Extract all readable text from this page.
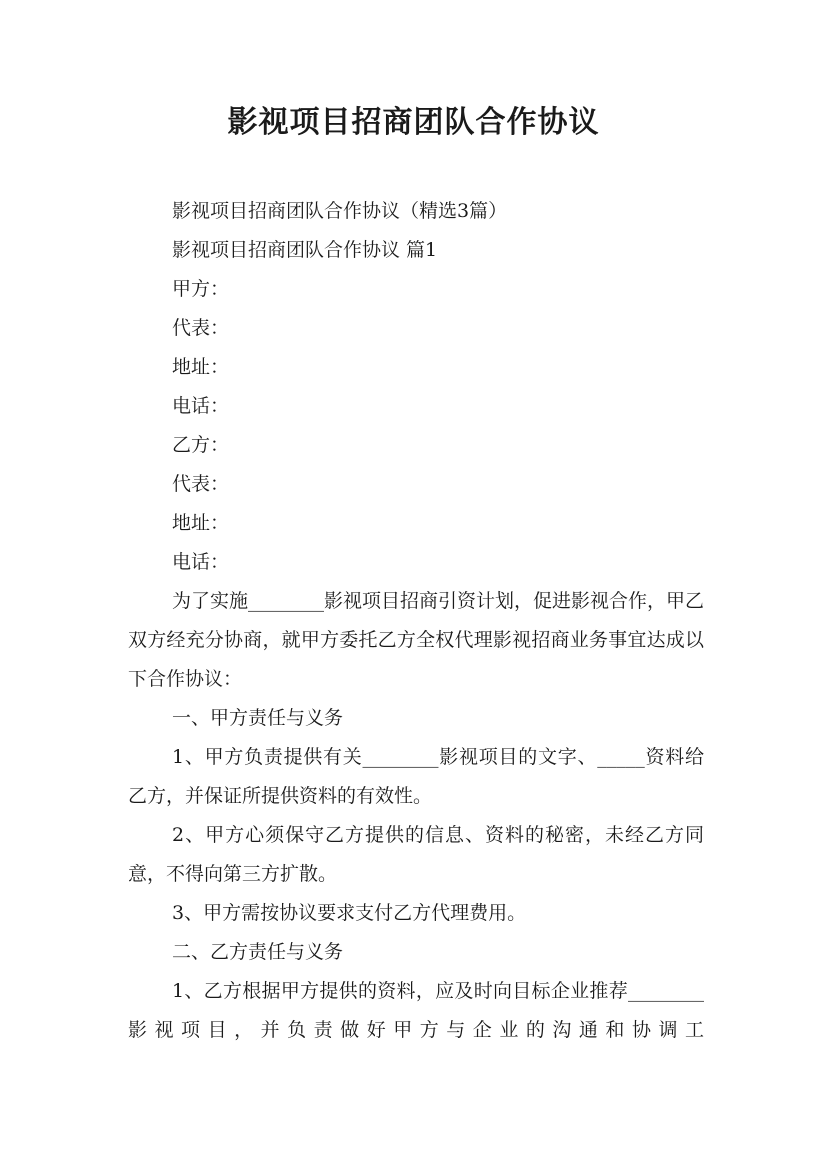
影视项目招商团队合作协议

影视项目招商团队合作协议（精选3篇）

影视项目招商团队合作协议 篇1

甲方：

代表：

地址：

电话：

乙方：

代表：

地址：

电话：

为了实施________影视项目招商引资计划，促进影视合作，甲乙双方经充分协商，就甲方委托乙方全权代理影视招商业务事宜达成以下合作协议：

一、甲方责任与义务

1、甲方负责提供有关________影视项目的文字、_____资料给乙方，并保证所提供资料的有效性。

2、甲方心须保守乙方提供的信息、资料的秘密，未经乙方同意，不得向第三方扩散。

3、甲方需按协议要求支付乙方代理费用。

二、乙方责任与义务

1、乙方根据甲方提供的资料，应及时向目标企业推荐________影视项目，并负责做好甲方与企业的沟通和协调工
